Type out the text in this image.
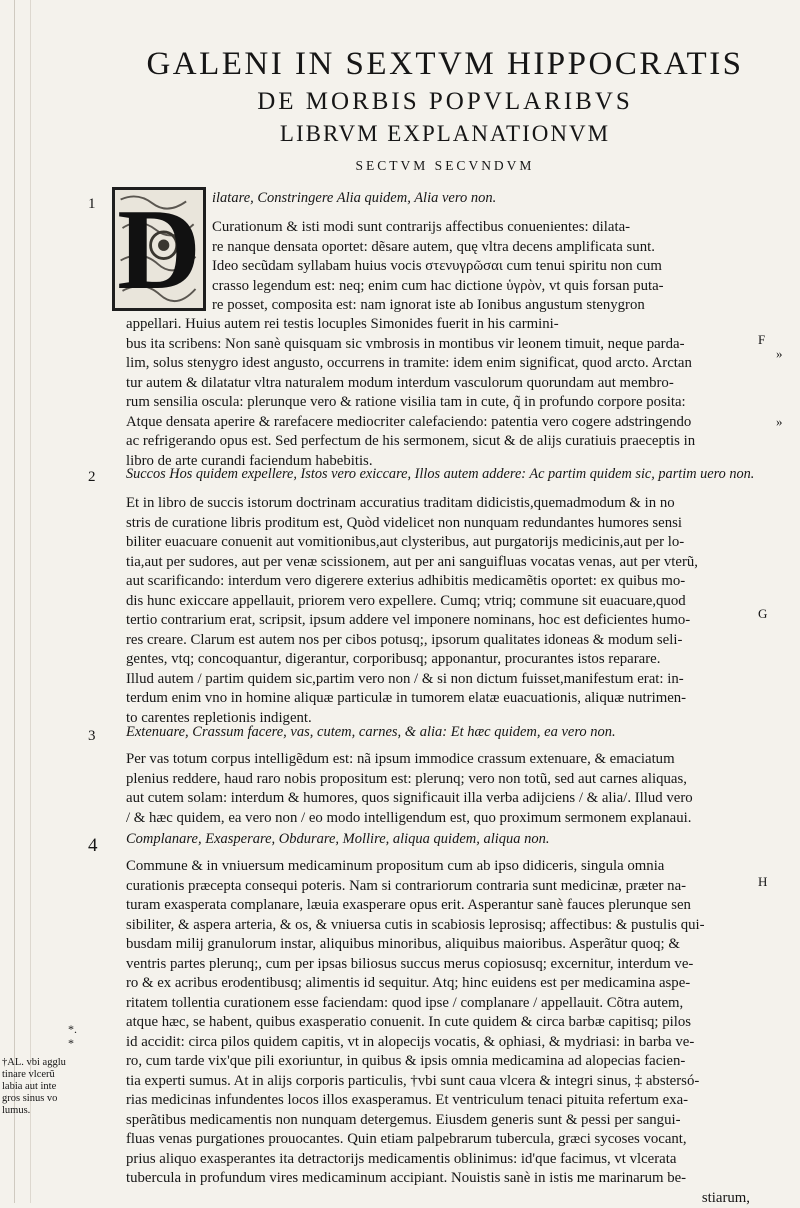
GALENI IN SEXTVM HIPPOCRATIS
DE MORBIS POPVLARIBVS
LIBRVM EXPLANATIONVM
SECTVM SECVNDVM
D
1	ilatare, Constringere Alia quidem, Alia vero non.
Curationum & isti modi sunt contrarijs affectibus conuenientes: dilata-
re nanque densata oportet: dẽsare autem, quę vltra decens amplificata sunt.
Ideo secũdam syllabam huius vocis στενυγρῶσαι cum tenui spiritu non cum
crasso legendum est: neq; enim cum hac dictione ὑγρὸν, vt quis forsan puta-
re posset, composita est: nam ignorat iste ab Ionibus angustum stenygron
appellari. Huius autem rei testis locuples Simonides fuerit in his carmini-
bus ita scribens: Non sanè quisquam sic vmbrosis in montibus vir leonem timuit, neque parda-
lim, solus stenygro idest angusto, occurrens in tramite: idem enim significat, quod arcto. Arctan
tur autem & dilatatur vltra naturalem modum interdum vasculorum quorundam aut membro-
rum sensilia oscula: plerunque vero & ratione visilia tam in cute, q̃ in profundo corpore posita:
Atque densata aperire & rarefacere mediocriter calefaciendo: patentia vero cogere adstringendo
ac refrigerando opus est. Sed perfectum de his sermonem, sicut & de alijs curatiuis praeceptis in
libro de arte curandi faciendum habebitis.
F
»
»
2 Succos Hos quidem expellere, Istos vero exiccare, Illos autem addere: Ac partim quidem sic, partim uero non.
Et in libro de succis istorum doctrinam accuratius traditam didicistis,quemadmodum & in no
stris de curatione libris proditum est, Quòd videlicet non nunquam redundantes humores sensi
biliter euacuare conuenit aut vomitionibus,aut clysteribus, aut purgatorijs medicinis,aut per lo-
tia,aut per sudores, aut per venæ scissionem, aut per ani sanguifluas vocatas venas, aut per vterũ,
aut scarificando: interdum vero digerere exterius adhibitis medicamẽtis oportet: ex quibus mo-
dis hunc exiccare appellauit, priorem vero expellere. Cumq; vtriq; commune sit euacuare,quod
tertio contrarium erat, scripsit, ipsum addere vel imponere nominans, hoc est deficientes humo-
res creare. Clarum est autem nos per cibos potusq;, ipsorum qualitates idoneas & modum seli-
gentes, vtq; concoquantur, digerantur, corporibusq; apponantur, procurantes istos reparare.
Illud autem / partim quidem sic,partim vero non / & si non dictum fuisset,manifestum erat: in-
terdum enim vno in homine aliquæ particulæ in tumorem elatæ euacuationis, aliquæ nutrimen-
to carentes repletionis indigent.
G
3 Extenuare, Crassum facere, vas, cutem, carnes, & alia: Et hæc quidem, ea vero non.
Per vas totum corpus intelligẽdum est: nã ipsum immodice crassum extenuare, & emaciatum
plenius reddere, haud raro nobis propositum est: plerunq; vero non totũ, sed aut carnes aliquas,
aut cutem solam: interdum & humores, quos significauit illa verba adijciens / & alia/. Illud vero
/ & hæc quidem, ea vero non / eo modo intelligendum est, quo proximum sermonem explanaui.
4 Complanare, Exasperare, Obdurare, Mollire, aliqua quidem, aliqua non.
Commune & in vniuersum medicaminum propositum cum ab ipso didiceris, singula omnia
curationis præcepta consequi poteris. Nam si contrariorum contraria sunt medicinæ, præter na-
turam exasperata complanare, læuia exasperare opus erit. Asperantur sanè fauces plerunque sen
sibiliter, & aspera arteria, & os, & vniuersa cutis in scabiosis leprosisq; affectibus: & pustulis qui-
busdam milij granulorum instar, aliquibus minoribus, aliquibus maioribus. Asperãtur quoq; &
ventris partes plerunq;, cum per ipsas biliosus succus merus copiosusq; excernitur, interdum ve-
ro & ex acribus erodentibusq; alimentis id sequitur. Atq; hinc euidens est per medicamina aspe-
ritatem tollentia curationem esse faciendam: quod ipse / complanare / appellauit. Cõtra autem,
atque hæc, se habent, quibus exasperatio conuenit. In cute quidem & circa barbæ capitisq; pilos
id accidit: circa pilos quidem capitis, vt in alopecijs vocatis, & ophiasi, & mydriasi: in barba ve-
ro, cum tarde vix'que pili exoriuntur, in quibus & ipsis omnia medicamina ad alopecias facien-
tia experti sumus. At in alijs corporis particulis, †vbi sunt caua vlcera & integri sinus, ‡ abstersó-
rias medicinas infundentes locos illos exasperamus. Et ventriculum tenaci pituita refertum exa-
sperãtibus medicamentis non nunquam detergemus. Eiusdem generis sunt & pessi per sangui-
fluas venas purgationes prouocantes. Quin etiam palpebrarum tubercula, græci sycoses vocant,
prius aliquo exasperantes ita detractorijs medicamentis oblinimus: id'que facimus, vt vlcerata
tubercula in profundum vires medicaminum accipiant. Nouistis sanè in istis me marinarum be-
stiarum,
H
*.
*
†AL. vbi agglu
tinare vlcerũ
labia aut inte
gros sinus vo
lumus.
